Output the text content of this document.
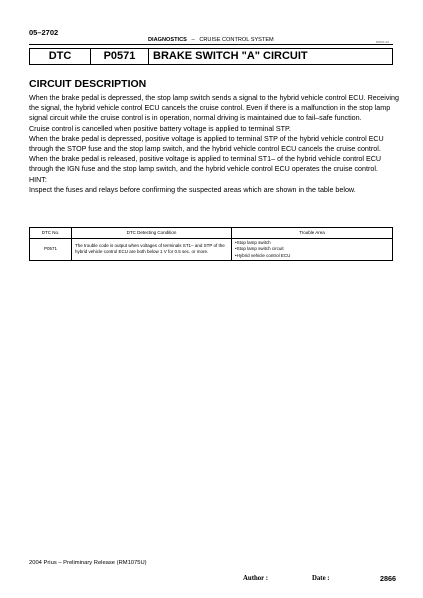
05–2702
DIAGNOSTICS – CRUISE CONTROL SYSTEM	DI5O1-02
DTC	P0571	BRAKE SWITCH "A" CIRCUIT
CIRCUIT DESCRIPTION

When the brake pedal is depressed, the stop lamp switch sends a signal to the hybrid vehicle control ECU. Receiving the signal, the hybrid vehicle control ECU cancels the cruise control. Even if there is a malfunction in the stop lamp signal circuit while the cruise control is in operation, normal driving is maintained due to fail–safe function.

Cruise control is cancelled when positive battery voltage is applied to terminal STP.

When the brake pedal is depressed, positive voltage is applied to terminal STP of the hybrid vehicle control ECU through the STOP fuse and the stop lamp switch, and the hybrid vehicle control ECU cancels the cruise control.

When the brake pedal is released, positive voltage is applied to terminal ST1– of the hybrid vehicle control ECU through the IGN fuse and the stop lamp switch, and the hybrid vehicle control ECU operates the cruise control.

HINT:

Inspect the fuses and relays before confirming the suspected areas which are shown in the table below.

DTC No.	DTC Detecting Condition	Trouble Area
P0571	The trouble code is output when voltages of terminals ST1– and STP of the hybrid vehicle control ECU are both below 1 V for 0.5 sec. or more.	•Stop lamp switch
•Stop lamp switch circuit
•Hybrid vehicle control ECU
2004 Prius – Preliminary Release (RM1075U)
Author :	Date :	2866
